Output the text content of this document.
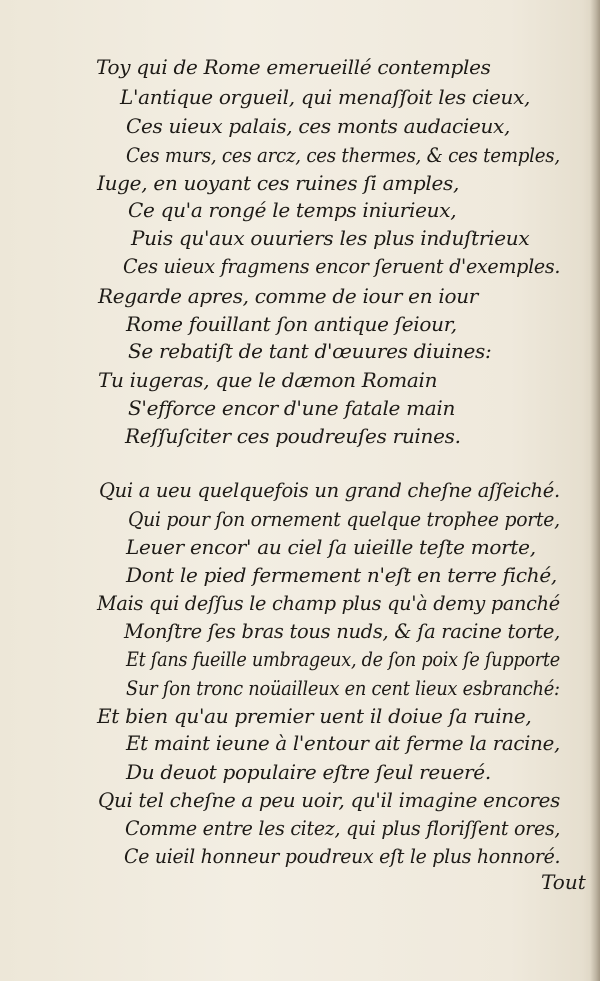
Toy qui de Rome emerueillé contemples
L'antique orgueil, qui menaſſoit les cieux,
Ces uieux palais, ces monts audacieux,
Ces murs, ces arcz, ces thermes, & ces temples,
Iuge, en uoyant ces ruines ſi amples,
Ce qu'a rongé le temps iniurieux,
Puis qu'aux ouuriers les plus induſtrieux
Ces uieux fragmens encor ſeruent d'exemples.
Regarde apres, comme de iour en iour
Rome fouillant ſon antique ſeiour,
Se rebatiſt de tant d'œuures diuines:
Tu iugeras, que le dæmon Romain
S'efforce encor d'une fatale main
Reſſuſciter ces poudreuſes ruines.
Qui a ueu quelquefois un grand cheſne aſſeiché.
Qui pour ſon ornement quelque trophee porte,
Leuer encor' au ciel ſa uieille teſte morte,
Dont le pied fermement n'eſt en terre fiché,
Mais qui deſſus le champ plus qu'à demy panché
Monſtre ſes bras tous nuds, & ſa racine torte,
Et ſans fueille umbrageux, de ſon poix ſe ſupporte
Sur ſon tronc noüailleux en cent lieux esbranché:
Et bien qu'au premier uent il doiue ſa ruine,
Et maint ieune à l'entour ait ferme la racine,
Du deuot populaire eſtre ſeul reueré.
Qui tel cheſne a peu uoir, qu'il imagine encores
Comme entre les citez, qui plus floriſſent ores,
Ce uieil honneur poudreux eſt le plus honnoré.
Tout
